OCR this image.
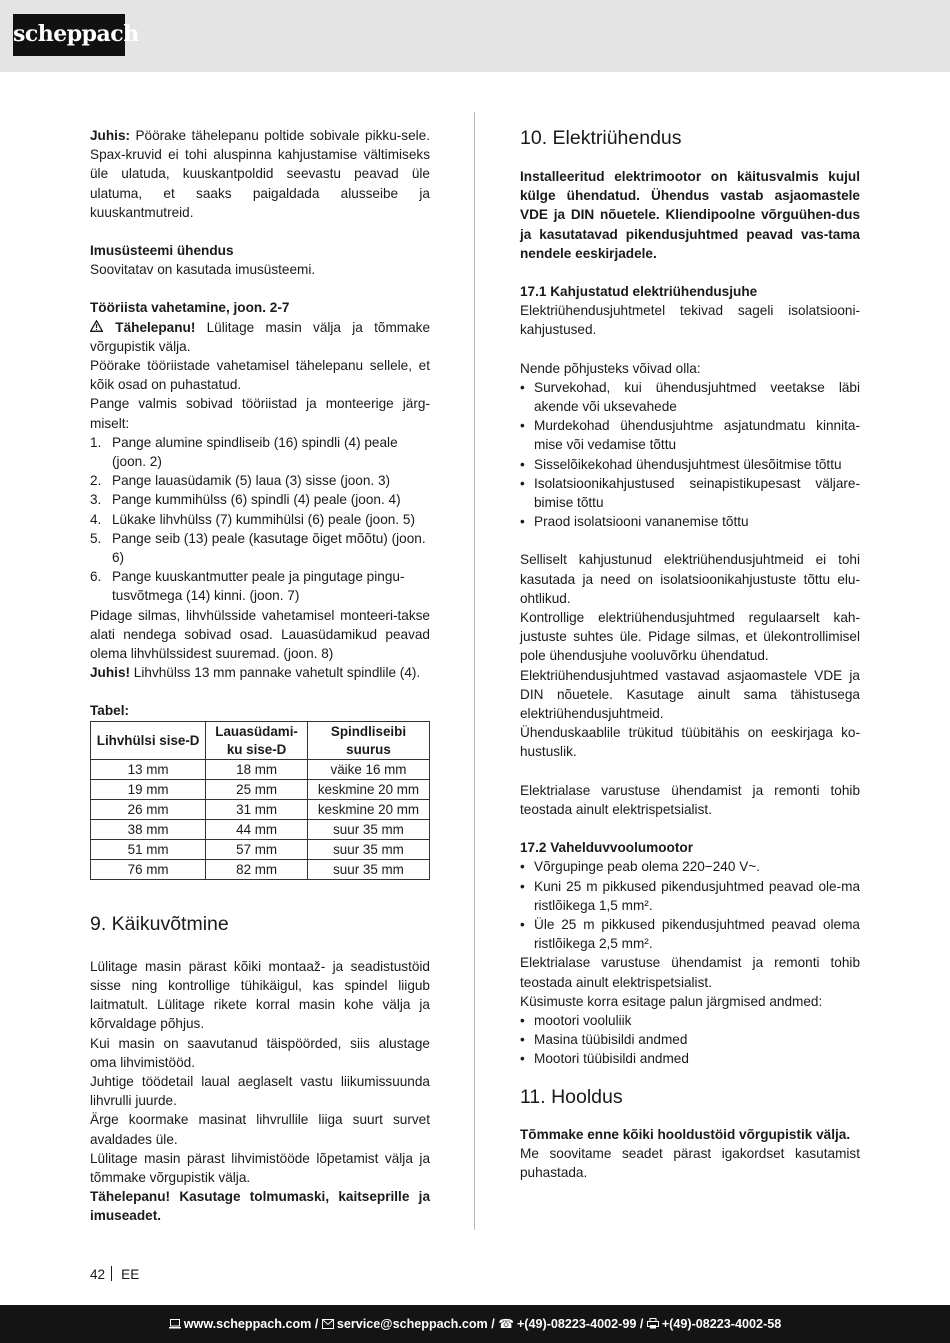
scheppach

Juhis: Pöörake tähelepanu poltide sobivale pikku-sele. Spax-kruvid ei tohi aluspinna kahjustamise vältimiseks üle ulatuda, kuuskantpoldid seevastu peavad üle ulatuma, et saaks paigaldada alusseibe ja kuuskantmutreid.

Imusüsteemi ühendus

Soovitatav on kasutada imusüsteemi.

Tööriista vahetamine, joon. 2-7

Tähelepanu! Lülitage masin välja ja tõmmake võrgupistik välja.

Pöörake tööriistade vahetamisel tähelepanu sellele, et kõik osad on puhastatud.

Pange valmis sobivad tööriistad ja monteerige järg-miselt:

1. Pange alumine spindliseib (16) spindli (4) peale (joon. 2)
2. Pange lauasüdamik (5) laua (3) sisse (joon. 3)
3. Pange kummihülss (6) spindli (4) peale (joon. 4)
4. Lükake lihvhülss (7) kummihülsi (6) peale (joon. 5)
5. Pange seib (13) peale (kasutage õiget mõõtu) (joon. 6)
6. Pange kuuskantmutter peale ja pingutage pingu-tusvõtmega (14) kinni. (joon. 7)

Pidage silmas, lihvhülsside vahetamisel monteeri-takse alati nendega sobivad osad. Lauasüdamikud peavad olema lihvhülssidest suuremad. (joon. 8)

Juhis! Lihvhülss 13 mm pannake vahetult spindlile (4).

Tabel:

Lihvhülsi sise-D	Lauasüdami-ku sise-D	Spindliseibi suurus
13 mm	18 mm	väike 16 mm
19 mm	25 mm	keskmine 20 mm
26 mm	31 mm	keskmine 20 mm
38 mm	44 mm	suur 35 mm
51 mm	57 mm	suur 35 mm
76 mm	82 mm	suur 35 mm
9. Käikuvõtmine

Lülitage masin pärast kõiki montaaž- ja seadistustöid sisse ning kontrollige tühikäigul, kas spindel liigub laitmatult. Lülitage rikete korral masin kohe välja ja kõrvaldage põhjus.

Kui masin on saavutanud täispöörded, siis alustage oma lihvimistööd.

Juhtige töödetail laual aeglaselt vastu liikumissuunda lihvrulli juurde.

Ärge koormake masinat lihvrullile liiga suurt survet avaldades üle.

Lülitage masin pärast lihvimistööde lõpetamist välja ja tõmmake võrgupistik välja.

Tähelepanu! Kasutage tolmumaski, kaitseprille ja imuseadet.

10. Elektriühendus

Installeeritud elektrimootor on käitusvalmis kujul külge ühendatud. Ühendus vastab asjaomastele VDE ja DIN nõuetele. Kliendipoolne võrguühen-dus ja kasutatavad pikendusjuhtmed peavad vas-tama nendele eeskirjadele.

17.1 Kahjustatud elektriühendusjuhe

Elektriühendusjuhtmetel tekivad sageli isolatsiooni-kahjustused.

Nende põhjusteks võivad olla:

• Survekohad, kui ühendusjuhtmed veetakse läbi akende või uksevahede
• Murdekohad ühendusjuhtme asjatundmatu kinnita-mise või vedamise tõttu
• Sisselõikekohad ühendusjuhtmest ülesõitmise tõttu
• Isolatsioonikahjustused seinapistikupesast väljare-bimise tõttu
• Praod isolatsiooni vananemise tõttu

Selliselt kahjustunud elektriühendusjuhtmeid ei tohi kasutada ja need on isolatsioonikahjustuste tõttu elu-ohtlikud.

Kontrollige elektriühendusjuhtmed regulaarselt kah-justuste suhtes üle. Pidage silmas, et ülekontrollimisel pole ühendusjuhe vooluvõrku ühendatud.

Elektriühendusjuhtmed vastavad asjaomastele VDE ja DIN nõuetele. Kasutage ainult sama tähistusega elektriühendusjuhtmeid.

Ühenduskaablile trükitud tüübitähis on eeskirjaga ko-hustuslik.

Elektrialase varustuse ühendamist ja remonti tohib teostada ainult elektrispetsialist.

17.2 Vahelduvvoolumootor

• Võrgupinge peab olema 220−240 V~.
• Kuni 25 m pikkused pikendusjuhtmed peavad ole-ma ristlõikega 1,5 mm².
• Üle 25 m pikkused pikendusjuhtmed peavad olema ristlõikega 2,5 mm².

Elektrialase varustuse ühendamist ja remonti tohib teostada ainult elektrispetsialist.

Küsimuste korra esitage palun järgmised andmed:

• mootori vooluliik
• Masina tüübisildi andmed
• Mootori tüübisildi andmed
11. Hooldus

Tõmmake enne kõiki hooldustöid võrgupistik välja.

Me soovitame seadet pärast igakordset kasutamist puhastada.

42 EE
www.scheppach.com / service@scheppach.com / ☎ +(49)-08223-4002-99 / +(49)-08223-4002-58
